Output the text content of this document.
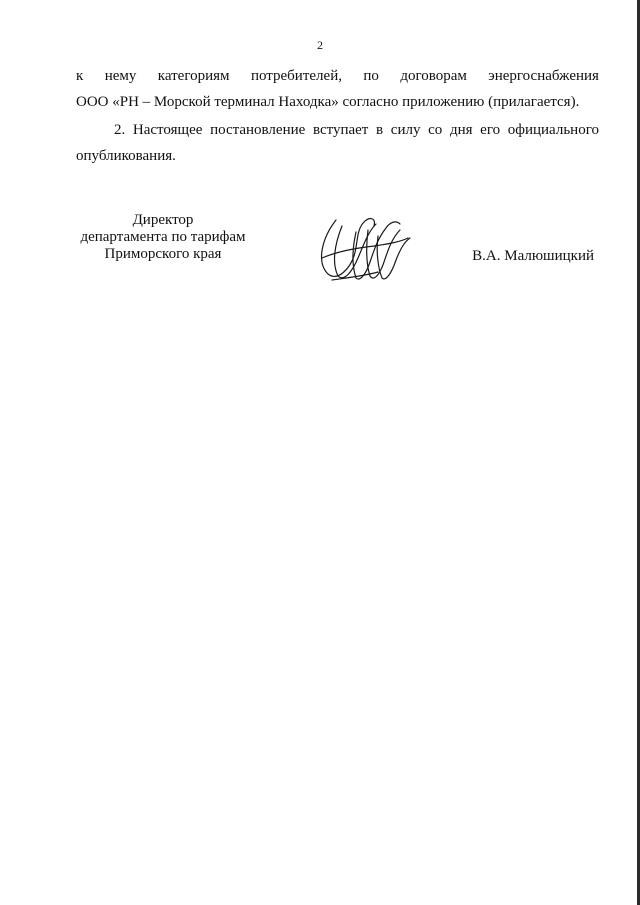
2
к нему категориям потребителей, по договорам энергоснабжения
ООО «РН – Морской терминал Находка» согласно приложению (прилагается).
2. Настоящее постановление вступает в силу со дня его официального
опубликования.
Директор
департамента по тарифам
Приморского края	В.А. Малюшицкий
